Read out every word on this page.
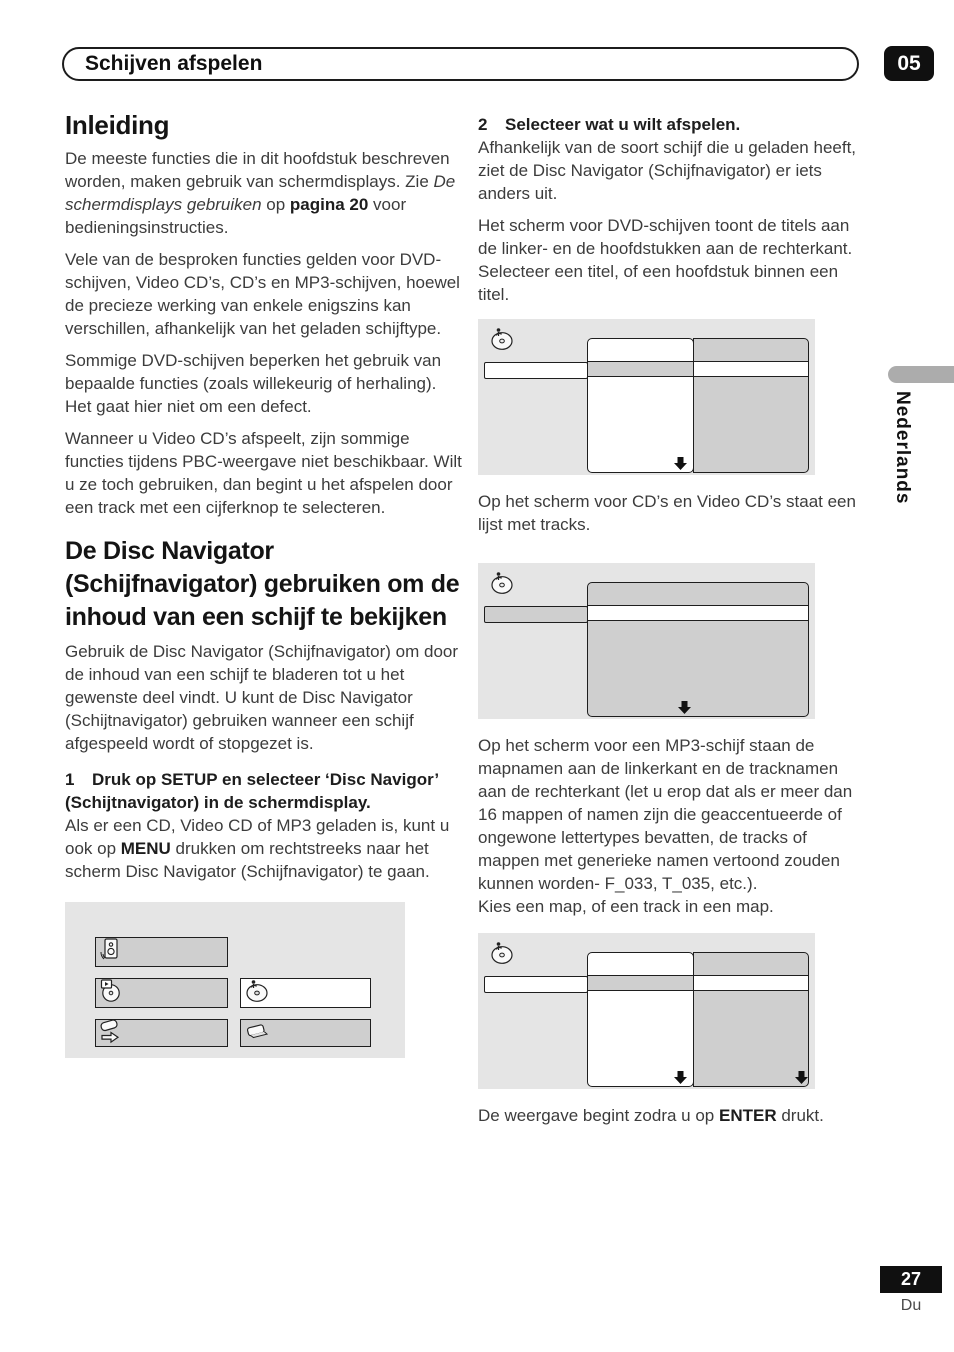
Schijven afspelen	05
Inleiding

De meeste functies die in dit hoofdstuk beschreven worden, maken gebruik van schermdisplays. Zie De schermdisplays gebruiken op pagina 20 voor bedieningsinstructies.

Vele van de besproken functies gelden voor DVD-schijven, Video CD’s, CD’s en MP3-schijven, hoewel de precieze werking van enkele enigszins kan verschillen, afhankelijk van het geladen schijftype.

Sommige DVD-schijven beperken het gebruik van bepaalde functies (zoals willekeurig of herhaling). Het gaat hier niet om een defect.

Wanneer u Video CD’s afspeelt, zijn sommige functies tijdens PBC-weergave niet beschikbaar. Wilt u ze toch gebruiken, dan begint u het afspelen door een track met een cijferknop te selecteren.

De Disc Navigator (Schijfnavigator) gebruiken om de inhoud van een schijf te bekijken

Gebruik de Disc Navigator (Schijfnavigator) om door de inhoud van een schijf te bladeren tot u het gewenste deel vindt. U kunt de Disc Navigator (Schijtnavigator) gebruiken wanneer een schijf afgespeeld wordt of stopgezet is.

1 Druk op SETUP en selecteer ‘Disc Navigor’ (Schijtnavigator) in de schermdisplay.

Als er een CD, Video CD of MP3 geladen is, kunt u ook op MENU drukken om rechtstreeks naar het scherm Disc Navigator (Schijfnavigator) te gaan.

2 Selecteer wat u wilt afspelen.

Afhankelijk van de soort schijf die u geladen heeft, ziet de Disc Navigator (Schijfnavigator) er iets anders uit.

Het scherm voor DVD-schijven toont de titels aan de linker- en de hoofdstukken aan de rechterkant. Selecteer een titel, of een hoofdstuk binnen een titel.

Op het scherm voor CD’s en Video CD’s staat een lijst met tracks.

Op het scherm voor een MP3-schijf staan de mapnamen aan de linkerkant en de tracknamen aan de rechterkant (let u erop dat als er meer dan 16 mappen of namen zijn die geaccentueerde of ongewone lettertypes bevatten, de tracks of mappen met generieke namen vertoond zouden kunnen worden- F_033, T_035, etc.).

Kies een map, of een track in een map.

De weergave begint zodra u op ENTER drukt.

Nederlands
27
Du
